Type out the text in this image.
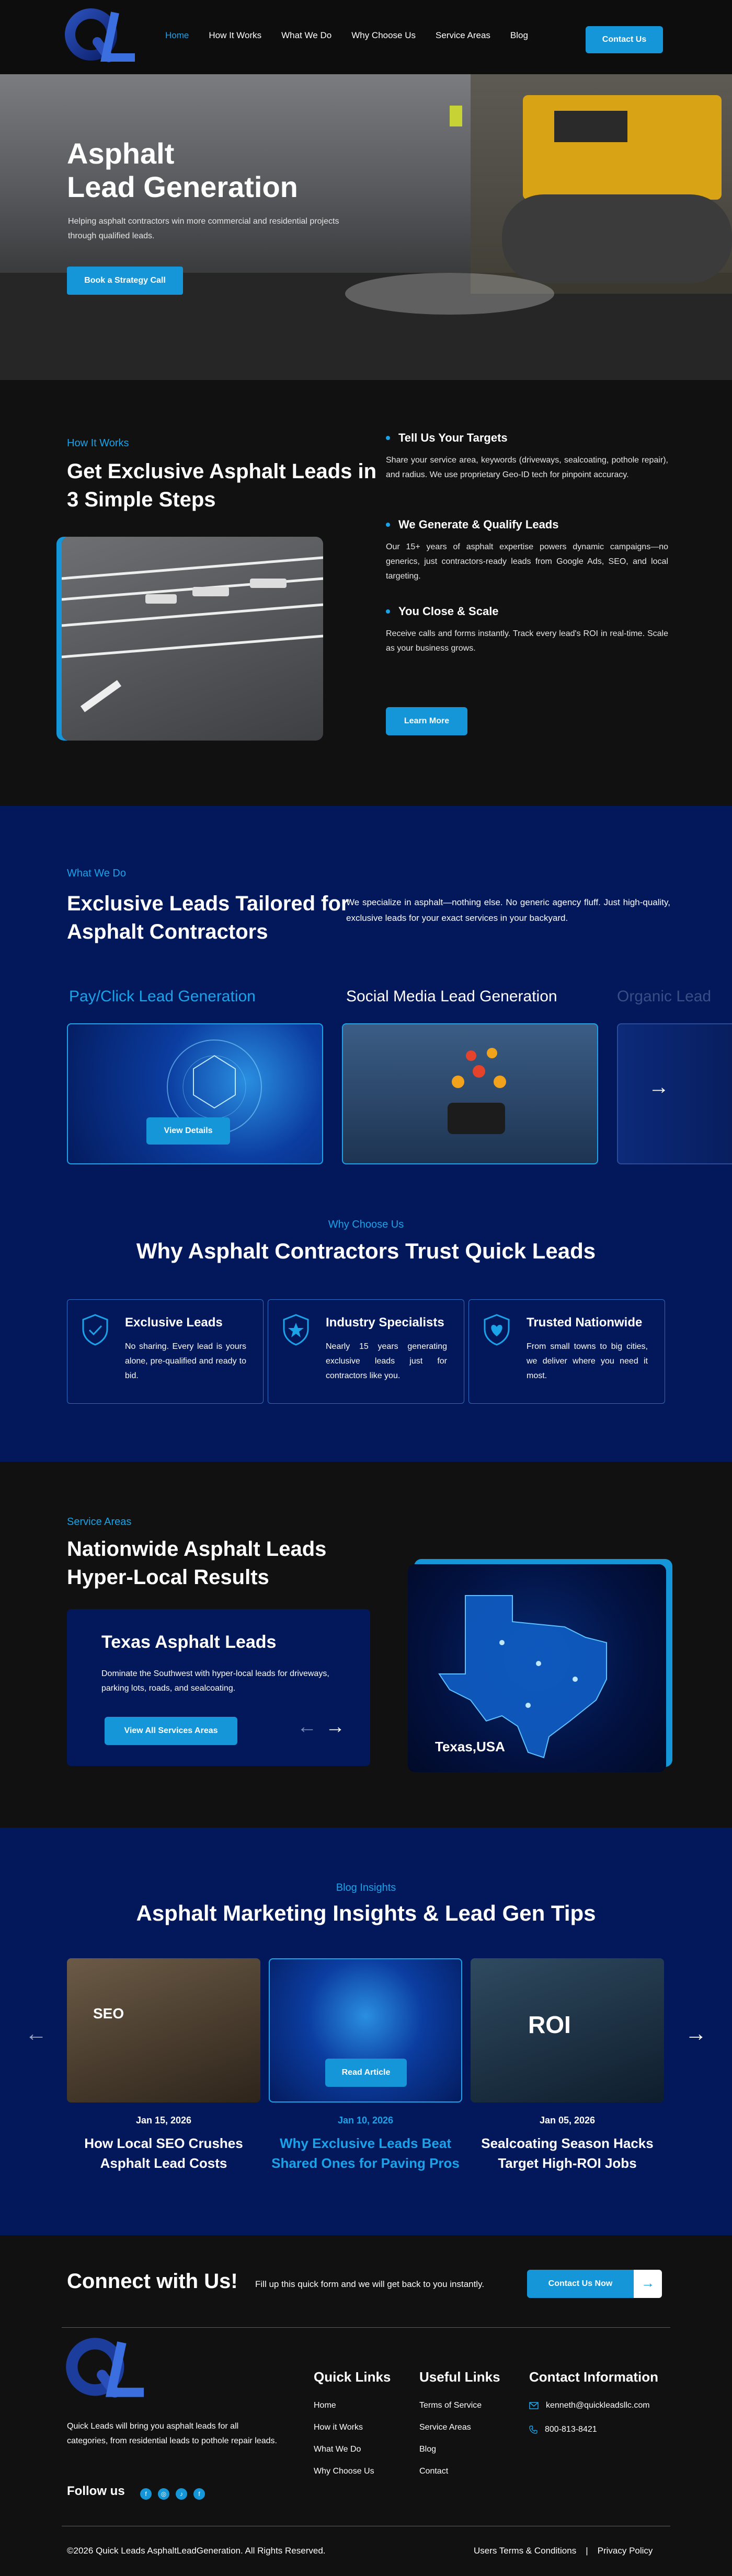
Home How It Works What We Do Why Choose Us Service Areas Blog	Contact Us
Asphalt
Lead Generation
Helping asphalt contractors win more commercial and residential projects through qualified leads.
Book a Strategy Call
How It Works
Get Exclusive Asphalt Leads in 3 Simple Steps
Tell Us Your Targets

Share your service area, keywords (driveways, sealcoating, pothole repair), and radius. We use proprietary Geo-ID tech for pinpoint accuracy.

We Generate & Qualify Leads

Our 15+ years of asphalt expertise powers dynamic campaigns—no generics, just contractors-ready leads from Google Ads, SEO, and local targeting.

You Close & Scale

Receive calls and forms instantly. Track every lead's ROI in real-time. Scale as your business grows.

Learn More
What We Do
Exclusive Leads Tailored for Asphalt Contractors
We specialize in asphalt—nothing else. No generic agency fluff. Just high-quality, exclusive leads for your exact services in your backyard.
Pay/Click Lead Generation	Social Media Lead Generation	Organic Lead
View Details
→
Why Choose Us
Why Asphalt Contractors Trust Quick Leads
Exclusive Leads

No sharing. Every lead is yours alone, pre-qualified and ready to bid.

Industry Specialists

Nearly 15 years generating exclusive leads just for contractors like you.

Trusted Nationwide

From small towns to big cities, we deliver where you need it most.

Service Areas
Nationwide Asphalt Leads Hyper-Local Results
Texas Asphalt Leads

Dominate the Southwest with hyper-local leads for driveways, parking lots, roads, and sealcoating.

View All Services Areas	← →
Texas,USA
Blog Insights
Asphalt Marketing Insights & Lead Gen Tips
←
SEO
Jan 15, 2026
How Local SEO Crushes Asphalt Lead Costs
Read Article
Jan 10, 2026
Why Exclusive Leads Beat Shared Ones for Paving Pros
ROI
Jan 05, 2026
Sealcoating Season Hacks Target High-ROI Jobs
→
Connect with Us! Fill up this quick form and we will get back to you instantly.	Contact Us Now	→
Quick Leads will bring you asphalt leads for all categories, from residential leads to pothole repair leads.
Follow us	f	◎	♪	f
Quick Links
Home
How it Works
What We Do
Why Choose Us
Useful Links
Terms of Service
Service Areas
Blog
Contact
Contact Information
kenneth@quickleadsllc.com
800-813-8421
©2026 Quick Leads AsphaltLeadGeneration. All Rights Reserved.	Users Terms & Conditions | Privacy Policy
